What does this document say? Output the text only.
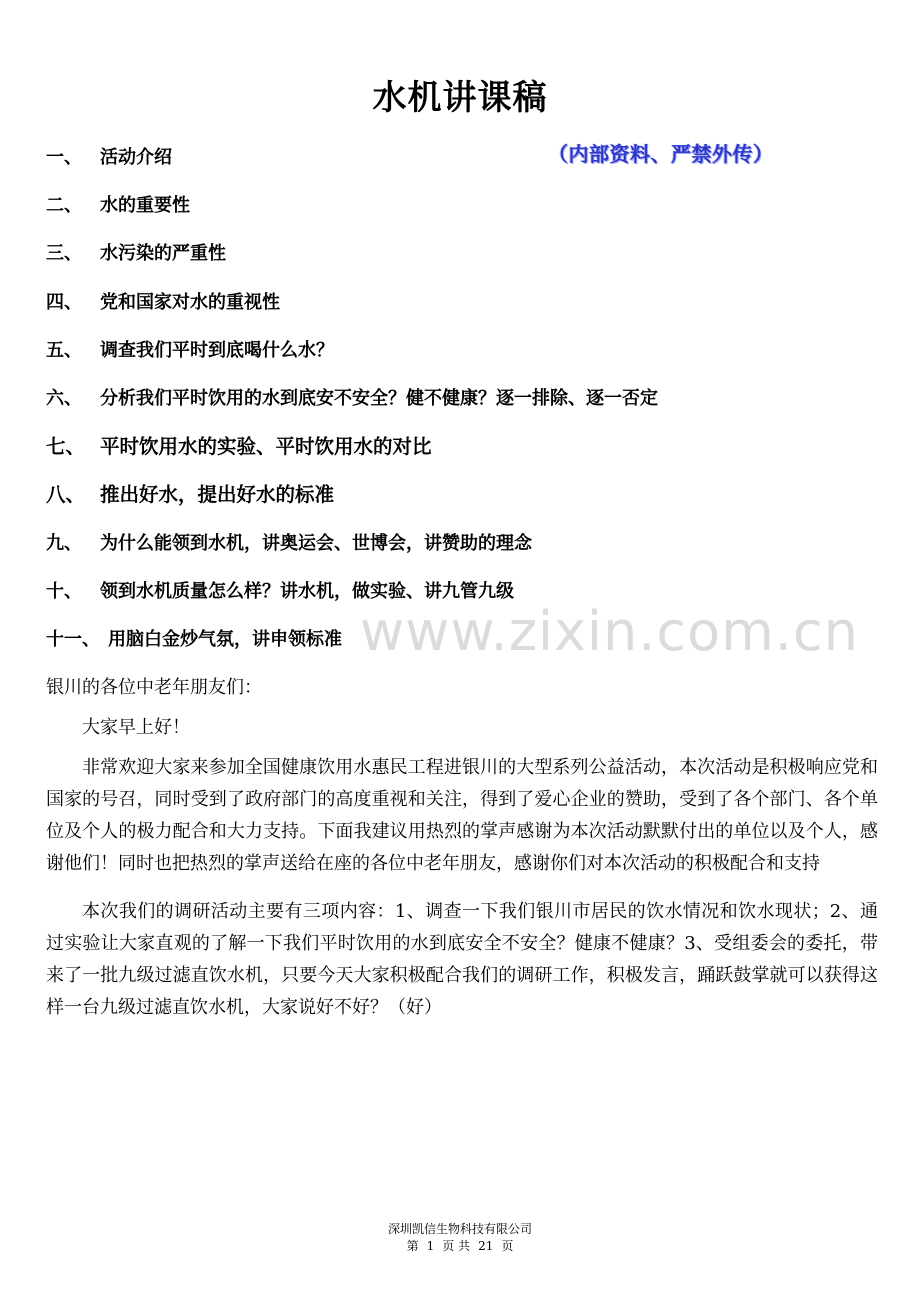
水机讲课稿
（内部资料、严禁外传）
一、	活动介绍
二、	水的重要性
三、	水污染的严重性
四、	党和国家对水的重视性
五、	调查我们平时到底喝什么水？
六、	分析我们平时饮用的水到底安不安全？健不健康？逐一排除、逐一否定
七、 平时饮用水的实验、平时饮用水的对比
八、 推出好水，提出好水的标准
九、	为什么能领到水机，讲奥运会、世博会，讲赞助的理念
十、	领到水机质量怎么样？讲水机，做实验、讲九管九级
十一、 用脑白金炒气氛，讲申领标准 www.zixin.com.cn

银川的各位中老年朋友们：

大家早上好！

非常欢迎大家来参加全国健康饮用水惠民工程进银川的大型系列公益活动，本次活动是积极响应党和国家的号召，同时受到了政府部门的高度重视和关注，得到了爱心企业的赞助，受到了各个部门、各个单位及个人的极力配合和大力支持。下面我建议用热烈的掌声感谢为本次活动默默付出的单位以及个人，感谢他们！同时也把热烈的掌声送给在座的各位中老年朋友，感谢你们对本次活动的积极配合和支持

本次我们的调研活动主要有三项内容：1、调查一下我们银川市居民的饮水情况和饮水现状；2、通过实验让大家直观的了解一下我们平时饮用的水到底安全不安全？健康不健康？3、受组委会的委托，带来了一批九级过滤直饮水机，只要今天大家积极配合我们的调研工作，积极发言，踊跃鼓掌就可以获得这样一台九级过滤直饮水机，大家说好不好？（好）

深圳凯信生物科技有限公司
第 1 页 共 21 页
